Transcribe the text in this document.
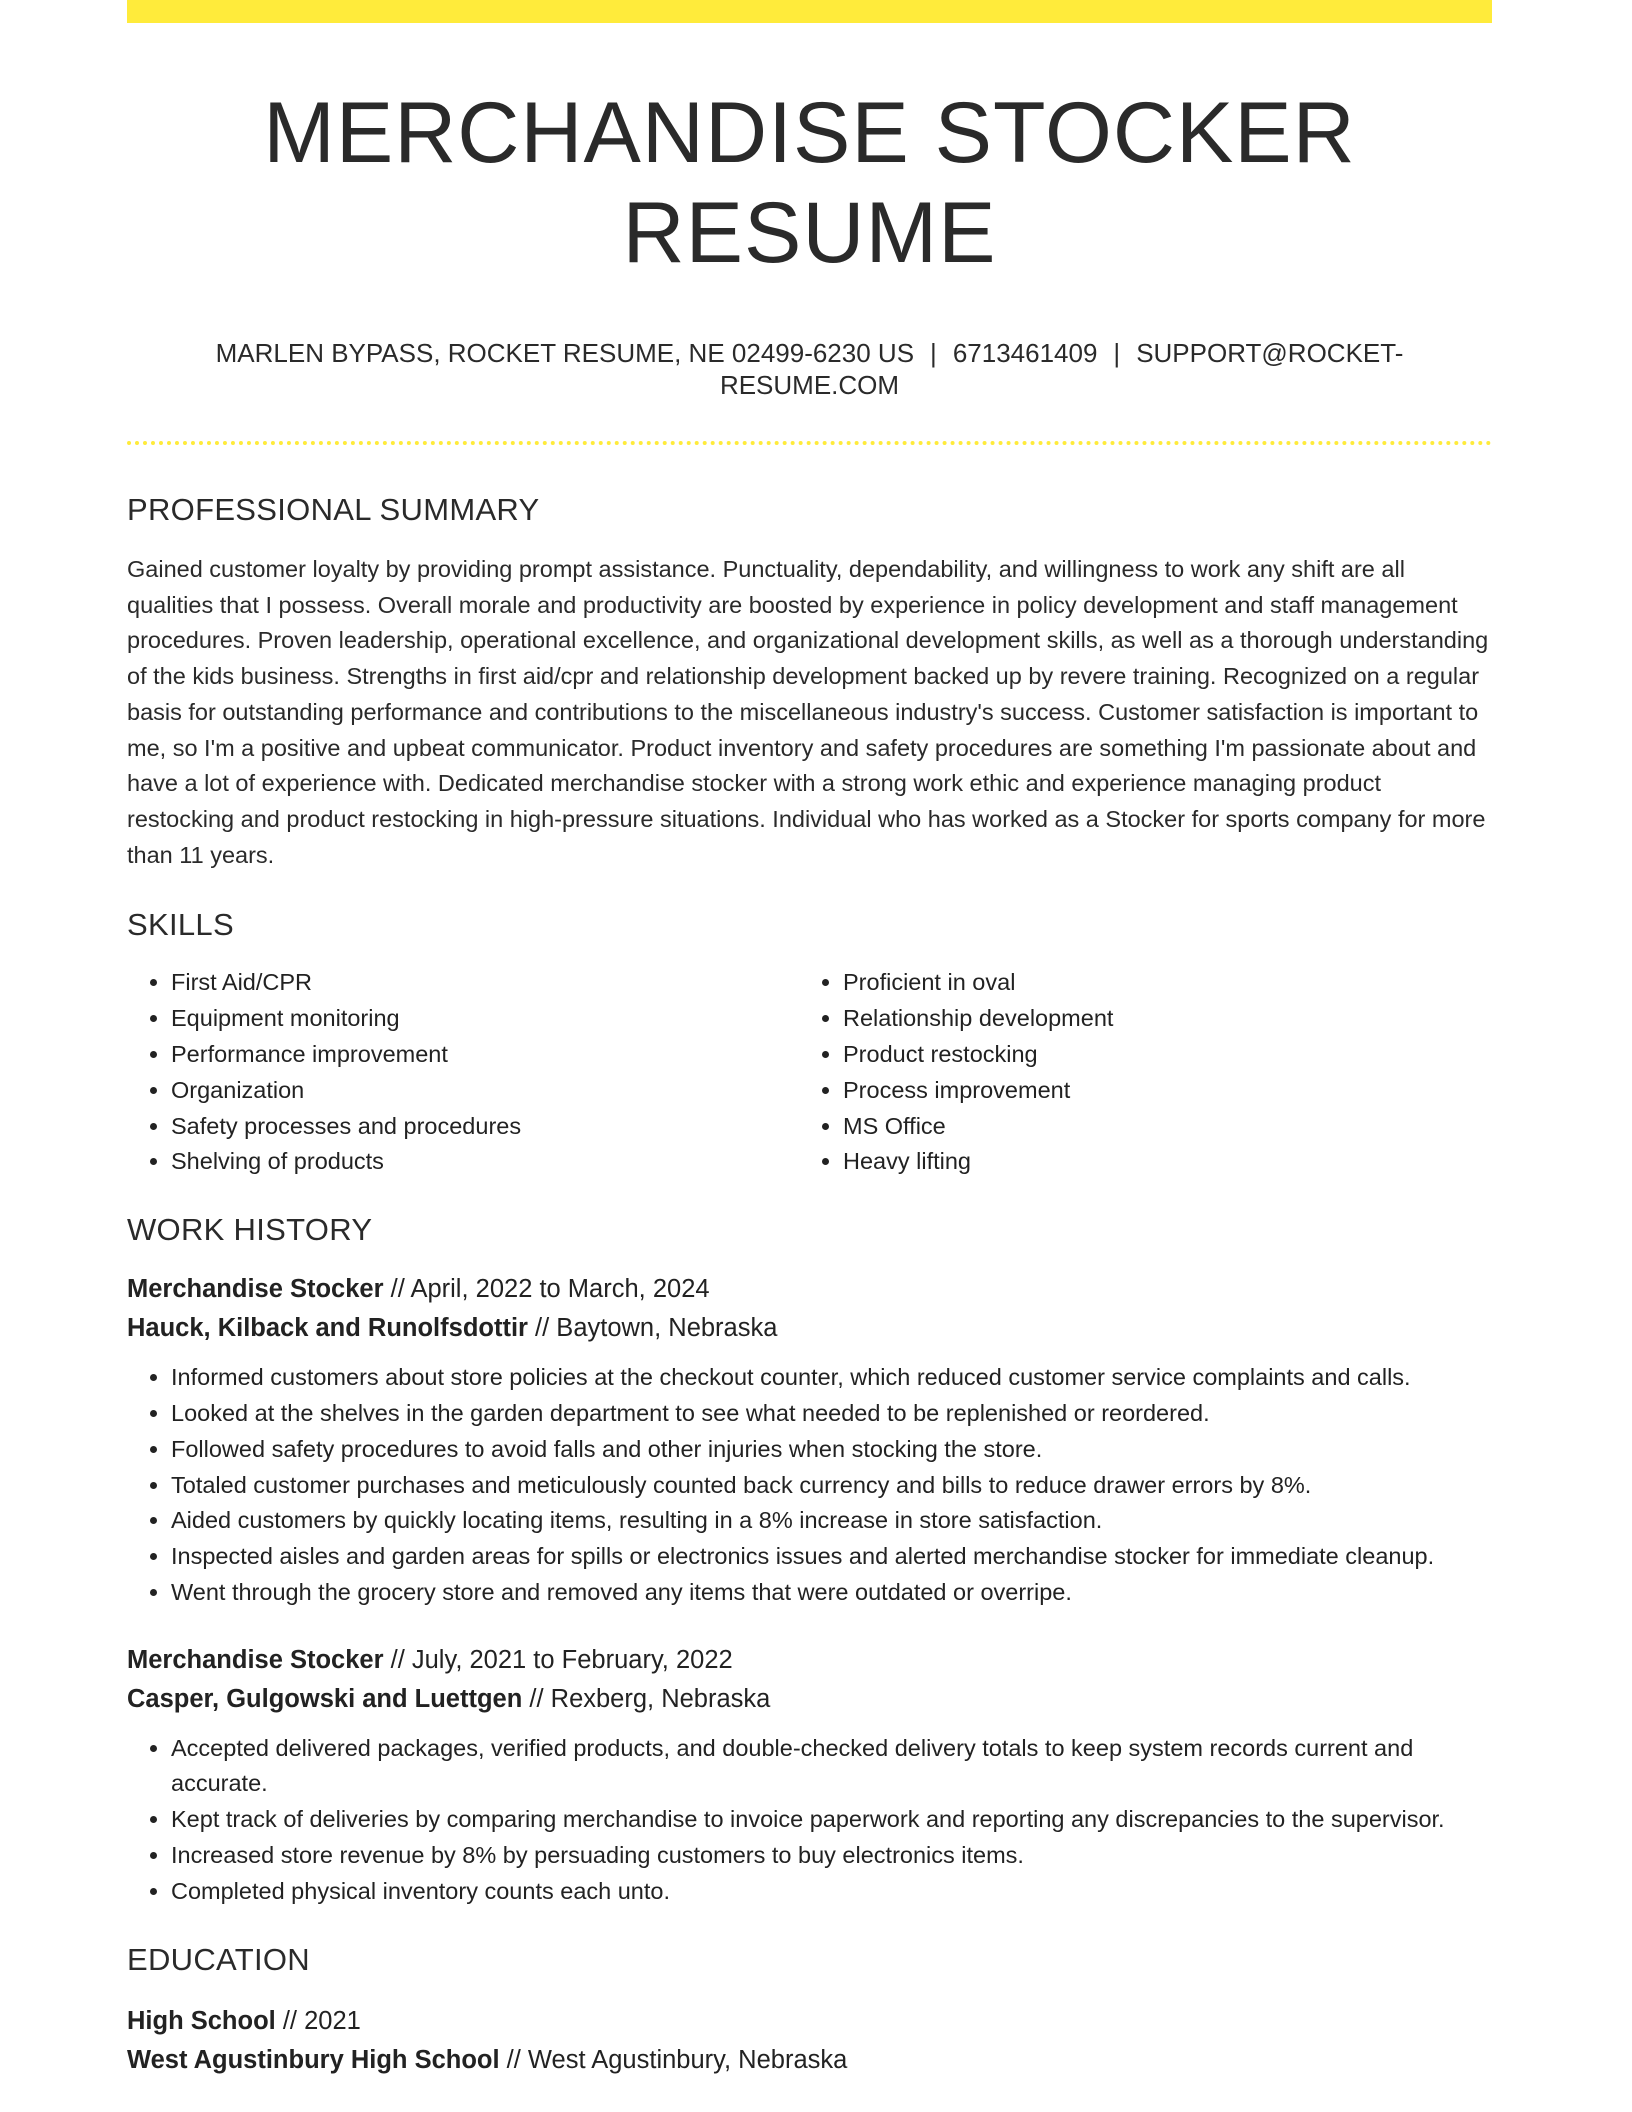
MERCHANDISE STOCKER RESUME
MARLEN BYPASS, ROCKET RESUME, NE 02499-6230 US | 6713461409 | SUPPORT@ROCKET-RESUME.COM
PROFESSIONAL SUMMARY
Gained customer loyalty by providing prompt assistance. Punctuality, dependability, and willingness to work any shift are all qualities that I possess. Overall morale and productivity are boosted by experience in policy development and staff management procedures. Proven leadership, operational excellence, and organizational development skills, as well as a thorough understanding of the kids business. Strengths in first aid/cpr and relationship development backed up by revere training. Recognized on a regular basis for outstanding performance and contributions to the miscellaneous industry's success. Customer satisfaction is important to me, so I'm a positive and upbeat communicator. Product inventory and safety procedures are something I'm passionate about and have a lot of experience with. Dedicated merchandise stocker with a strong work ethic and experience managing product restocking and product restocking in high-pressure situations. Individual who has worked as a Stocker for sports company for more than 11 years.
SKILLS
• First Aid/CPR
• Equipment monitoring
• Performance improvement
• Organization
• Safety processes and procedures
• Shelving of products
• Proficient in oval
• Relationship development
• Product restocking
• Process improvement
• MS Office
• Heavy lifting
WORK HISTORY
Merchandise Stocker // April, 2022 to March, 2024
Hauck, Kilback and Runolfsdottir // Baytown, Nebraska
• Informed customers about store policies at the checkout counter, which reduced customer service complaints and calls.
• Looked at the shelves in the garden department to see what needed to be replenished or reordered.
• Followed safety procedures to avoid falls and other injuries when stocking the store.
• Totaled customer purchases and meticulously counted back currency and bills to reduce drawer errors by 8%.
• Aided customers by quickly locating items, resulting in a 8% increase in store satisfaction.
• Inspected aisles and garden areas for spills or electronics issues and alerted merchandise stocker for immediate cleanup.
• Went through the grocery store and removed any items that were outdated or overripe.
Merchandise Stocker // July, 2021 to February, 2022
Casper, Gulgowski and Luettgen // Rexberg, Nebraska
• Accepted delivered packages, verified products, and double-checked delivery totals to keep system records current and accurate.
• Kept track of deliveries by comparing merchandise to invoice paperwork and reporting any discrepancies to the supervisor.
• Increased store revenue by 8% by persuading customers to buy electronics items.
• Completed physical inventory counts each unto.
EDUCATION
High School // 2021
West Agustinbury High School // West Agustinbury, Nebraska
